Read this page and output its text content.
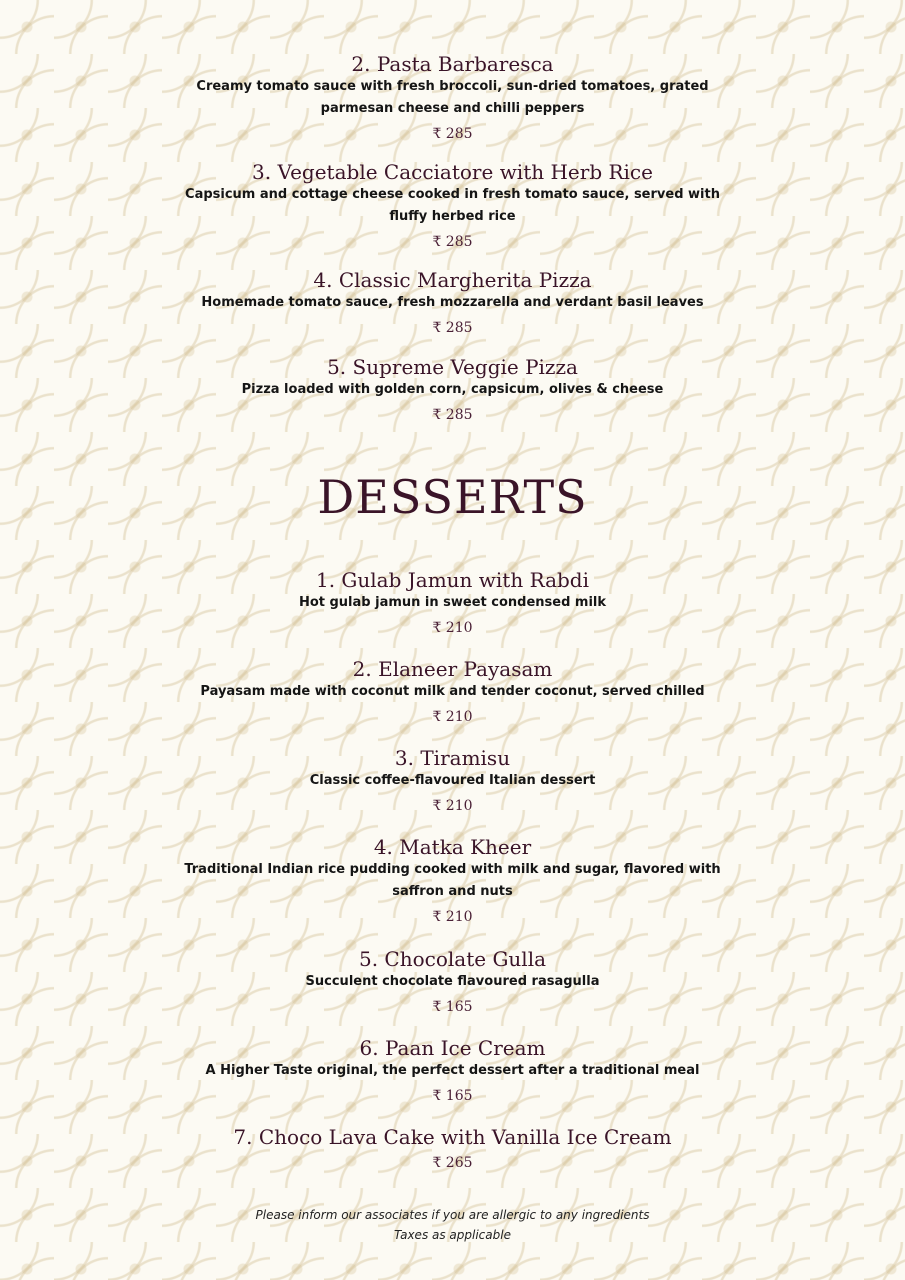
2. Pasta Barbaresca
Creamy tomato sauce with fresh broccoli, sun-dried tomatoes, grated parmesan cheese and chilli peppers
₹ 285
3. Vegetable Cacciatore with Herb Rice
Capsicum and cottage cheese cooked in fresh tomato sauce, served with fluffy herbed rice
₹ 285
4. Classic Margherita Pizza
Homemade tomato sauce, fresh mozzarella and verdant basil leaves
₹ 285
5. Supreme Veggie Pizza
Pizza loaded with golden corn, capsicum, olives & cheese
₹ 285
DESSERTS
1. Gulab Jamun with Rabdi
Hot gulab jamun in sweet condensed milk
₹ 210
2. Elaneer Payasam
Payasam made with coconut milk and tender coconut, served chilled
₹ 210
3. Tiramisu
Classic coffee-flavoured Italian dessert
₹ 210
4. Matka Kheer
Traditional Indian rice pudding cooked with milk and sugar, flavored with saffron and nuts
₹ 210
5. Chocolate Gulla
Succulent chocolate flavoured rasagulla
₹ 165
6. Paan Ice Cream
A Higher Taste original, the perfect dessert after a traditional meal
₹ 165
7. Choco Lava Cake with Vanilla Ice Cream
₹ 265
Please inform our associates if you are allergic to any ingredients
Taxes as applicable
